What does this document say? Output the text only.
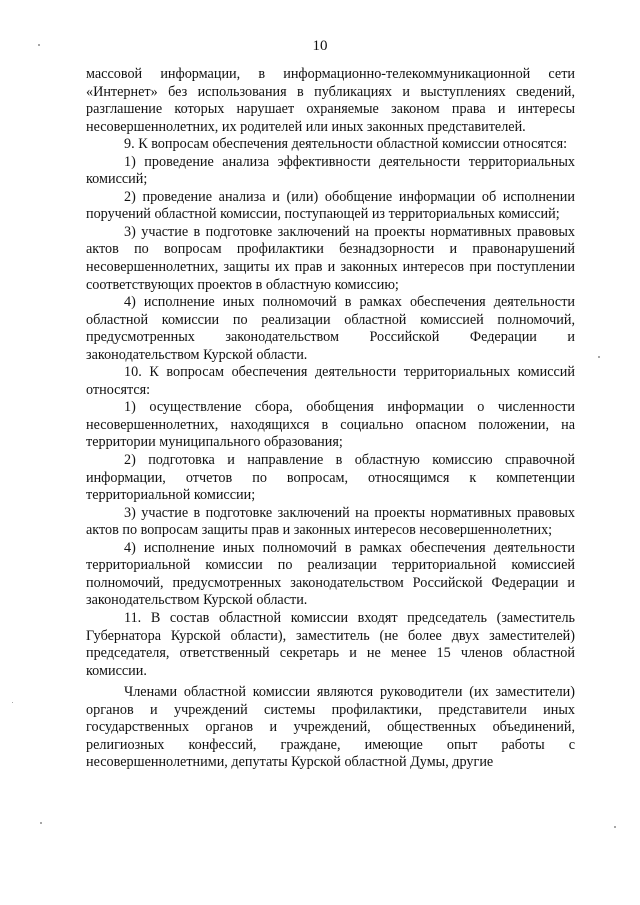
10

массовой информации, в информационно-телекоммуникационной сети «Интернет» без использования в публикациях и выступлениях сведений, разглашение которых нарушает охраняемые законом права и интересы несовершеннолетних, их родителей или иных законных представителей.

9. К вопросам обеспечения деятельности областной комиссии относятся:

1) проведение анализа эффективности деятельности территориальных комиссий;

2) проведение анализа и (или) обобщение информации об исполнении поручений областной комиссии, поступающей из территориальных комиссий;

3) участие в подготовке заключений на проекты нормативных правовых актов по вопросам профилактики безнадзорности и правонарушений несовершеннолетних, защиты их прав и законных интересов при поступлении соответствующих проектов в областную комиссию;

4) исполнение иных полномочий в рамках обеспечения деятельности областной комиссии по реализации областной комиссией полномочий, предусмотренных законодательством Российской Федерации и законодательством Курской области.

10. К вопросам обеспечения деятельности территориальных комиссий относятся:

1) осуществление сбора, обобщения информации о численности несовершеннолетних, находящихся в социально опасном положении, на территории муниципального образования;

2) подготовка и направление в областную комиссию справочной информации, отчетов по вопросам, относящимся к компетенции территориальной комиссии;

3) участие в подготовке заключений на проекты нормативных правовых актов по вопросам защиты прав и законных интересов несовершеннолетних;

4) исполнение иных полномочий в рамках обеспечения деятельности территориальной комиссии по реализации территориальной комиссией полномочий, предусмотренных законодательством Российской Федерации и законодательством Курской области.

11. В состав областной комиссии входят председатель (заместитель Губернатора Курской области), заместитель (не более двух заместителей) председателя, ответственный секретарь и не менее 15 членов областной комиссии.

Членами областной комиссии являются руководители (их заместители) органов и учреждений системы профилактики, представители иных государственных органов и учреждений, общественных объединений, религиозных конфессий, граждане, имеющие опыт работы с несовершеннолетними, депутаты Курской областной Думы, другие
